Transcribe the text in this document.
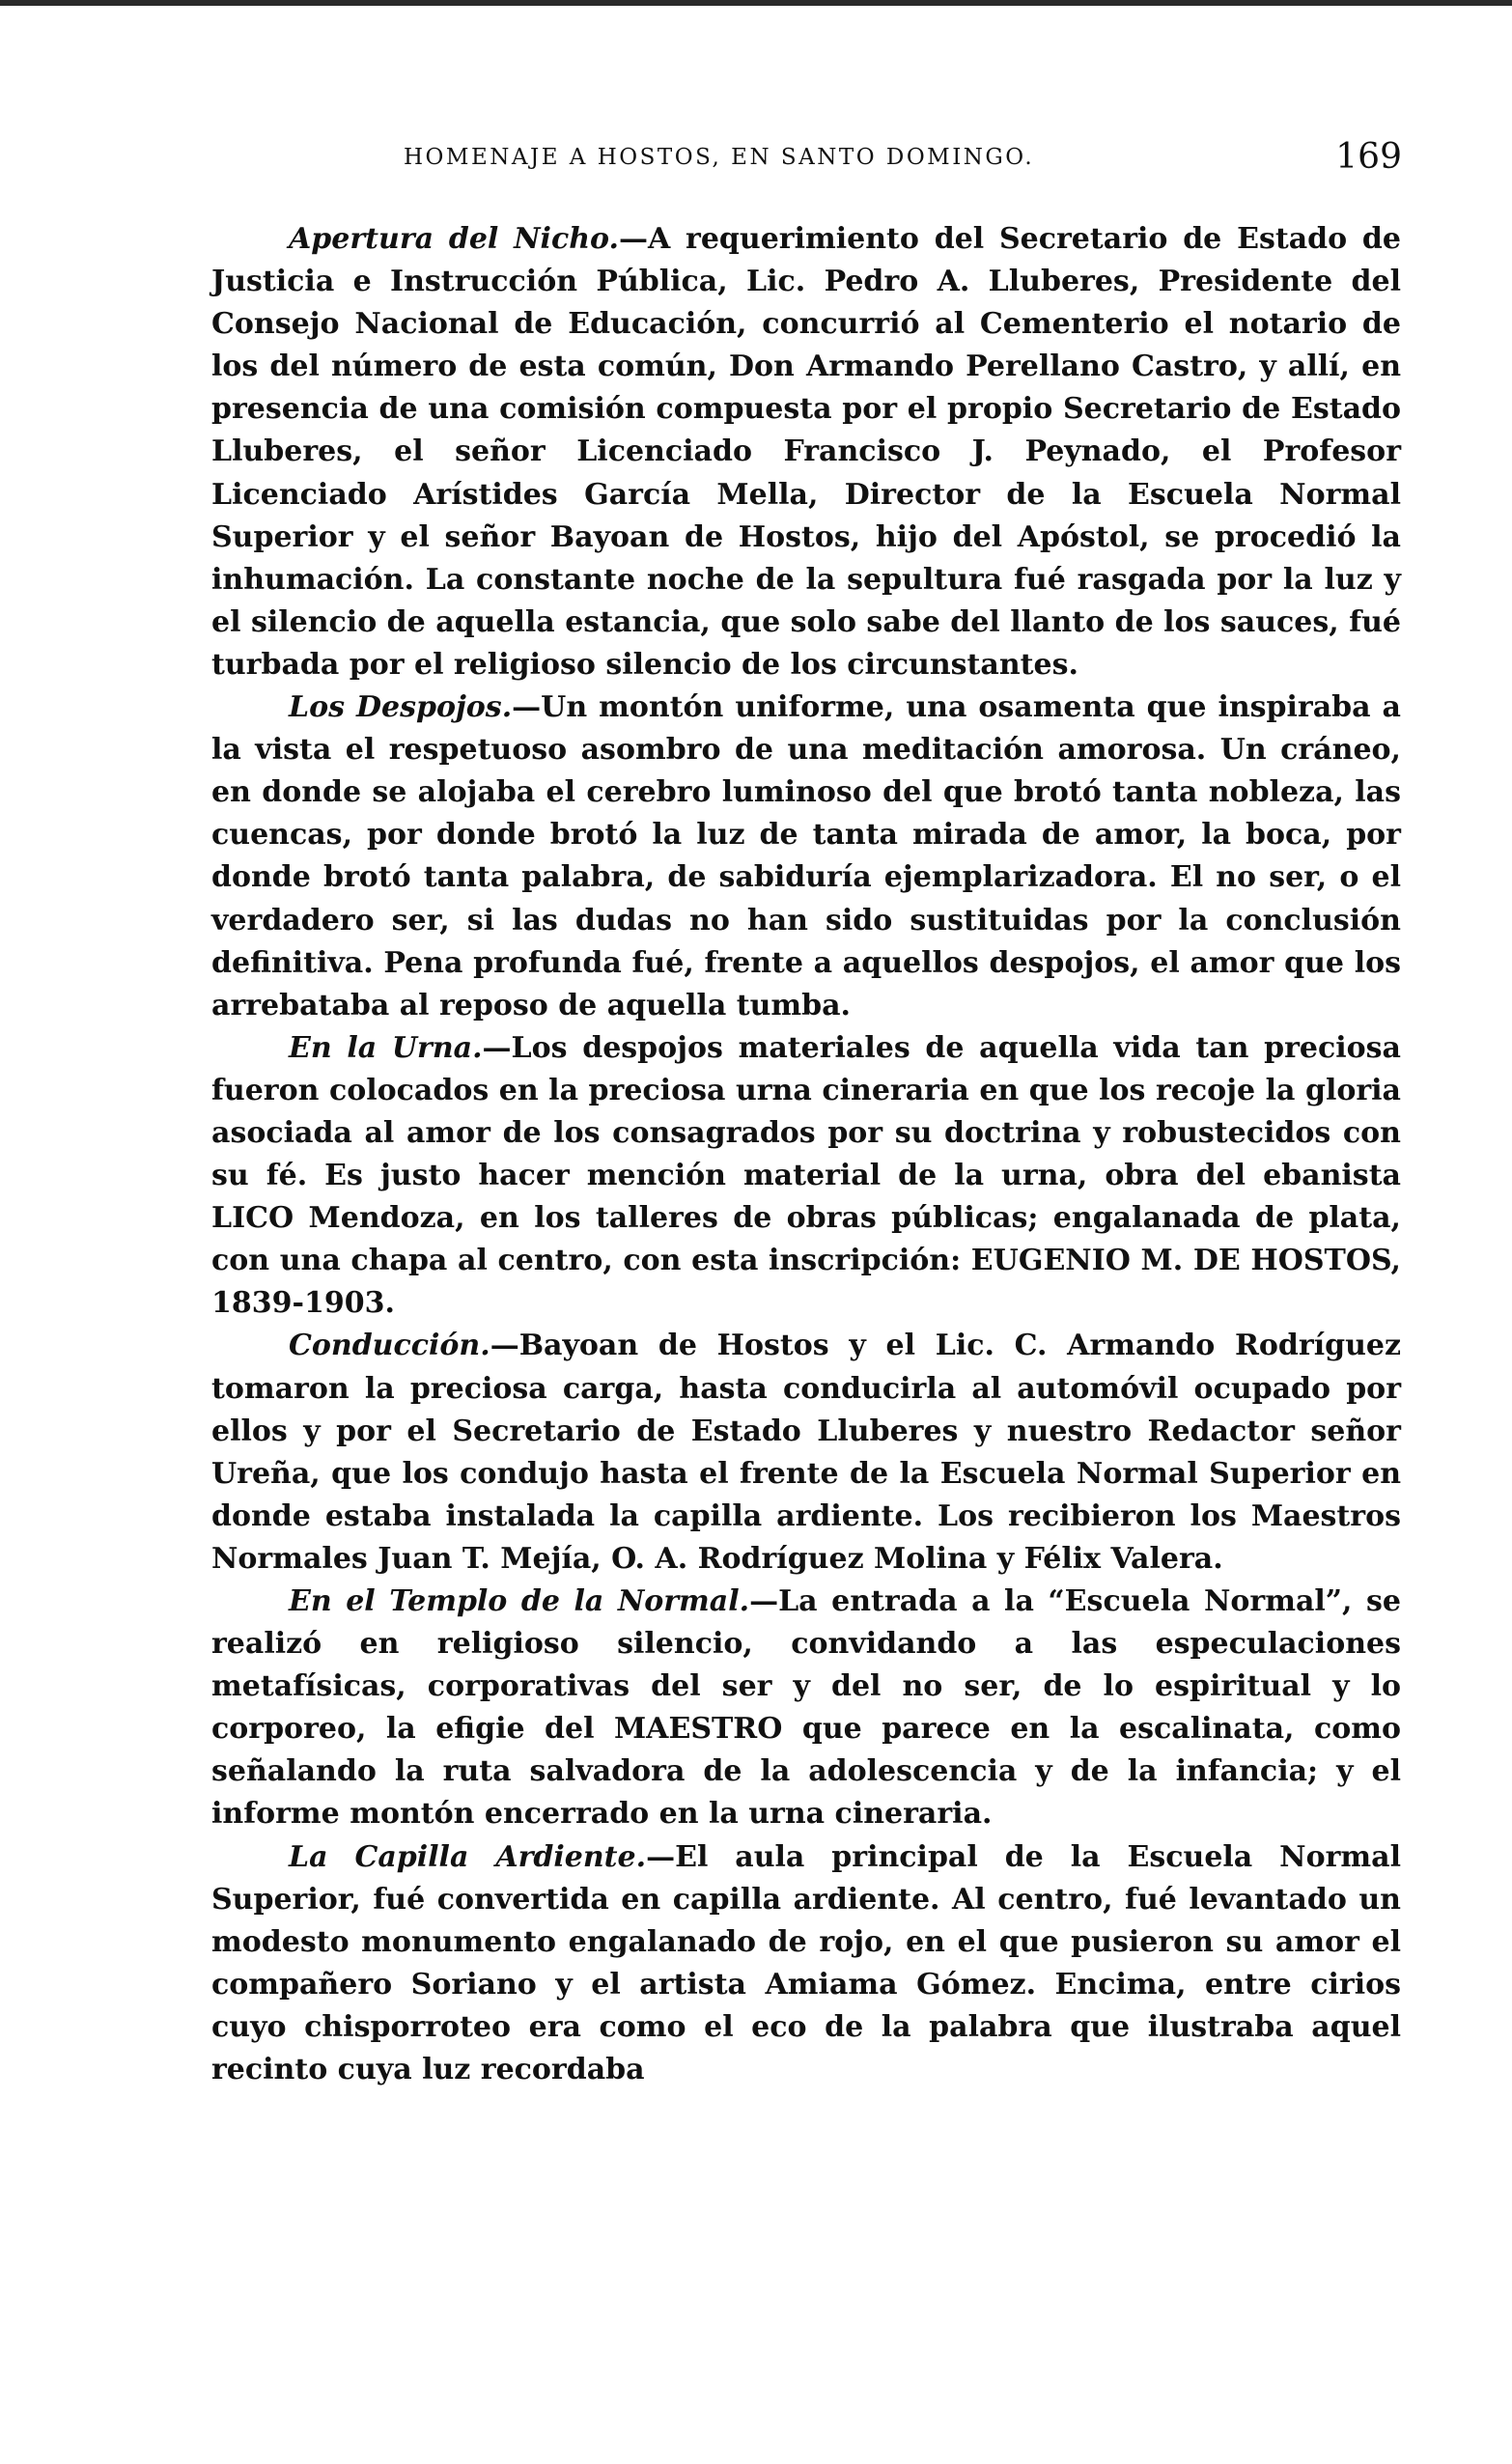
HOMENAJE A HOSTOS, EN SANTO DOMINGO.	169

Apertura del Nicho.—A requerimiento del Secretario de Estado de Justicia e Instrucción Pública, Lic. Pedro A. Lluberes, Presidente del Consejo Nacional de Educación, concurrió al Cementerio el notario de los del número de esta común, Don Armando Perellano Castro, y allí, en presencia de una comisión compuesta por el propio Secretario de Estado Lluberes, el señor Licenciado Francisco J. Peynado, el Profesor Licenciado Arístides García Mella, Director de la Escuela Normal Superior y el señor Bayoan de Hostos, hijo del Apóstol, se procedió la inhumación. La constante noche de la sepultura fué rasgada por la luz y el silencio de aquella estancia, que solo sabe del llanto de los sauces, fué turbada por el religioso silencio de los circunstantes.

Los Despojos.—Un montón uniforme, una osamenta que inspiraba a la vista el respetuoso asombro de una meditación amorosa. Un cráneo, en donde se alojaba el cerebro luminoso del que brotó tanta nobleza, las cuencas, por donde brotó la luz de tanta mirada de amor, la boca, por donde brotó tanta palabra, de sabiduría ejemplarizadora. El no ser, o el verdadero ser, si las dudas no han sido sustituidas por la conclusión definitiva. Pena profunda fué, frente a aquellos despojos, el amor que los arrebataba al reposo de aquella tumba.

En la Urna.—Los despojos materiales de aquella vida tan preciosa fueron colocados en la preciosa urna cineraria en que los recoje la gloria asociada al amor de los consagrados por su doctrina y robustecidos con su fé. Es justo hacer mención material de la urna, obra del ebanista LICO Mendoza, en los talleres de obras públicas; engalanada de plata, con una chapa al centro, con esta inscripción: EUGENIO M. DE HOSTOS, 1839-1903.

Conducción.—Bayoan de Hostos y el Lic. C. Armando Rodríguez tomaron la preciosa carga, hasta conducirla al automóvil ocupado por ellos y por el Secretario de Estado Lluberes y nuestro Redactor señor Ureña, que los condujo hasta el frente de la Escuela Normal Superior en donde estaba instalada la capilla ardiente. Los recibieron los Maestros Normales Juan T. Mejía, O. A. Rodríguez Molina y Félix Valera.

En el Templo de la Normal.—La entrada a la “Escuela Normal”, se realizó en religioso silencio, convidando a las especulaciones metafísicas, corporativas del ser y del no ser, de lo espiritual y lo corporeo, la efigie del MAESTRO que parece en la escalinata, como señalando la ruta salvadora de la adolescencia y de la infancia; y el informe montón encerrado en la urna cineraria.

La Capilla Ardiente.—El aula principal de la Escuela Normal Superior, fué convertida en capilla ardiente. Al centro, fué levantado un modesto monumento engalanado de rojo, en el que pusieron su amor el compañero Soriano y el artista Amiama Gómez. Encima, entre cirios cuyo chisporroteo era como el eco de la palabra que ilustraba aquel recinto cuya luz recordaba
